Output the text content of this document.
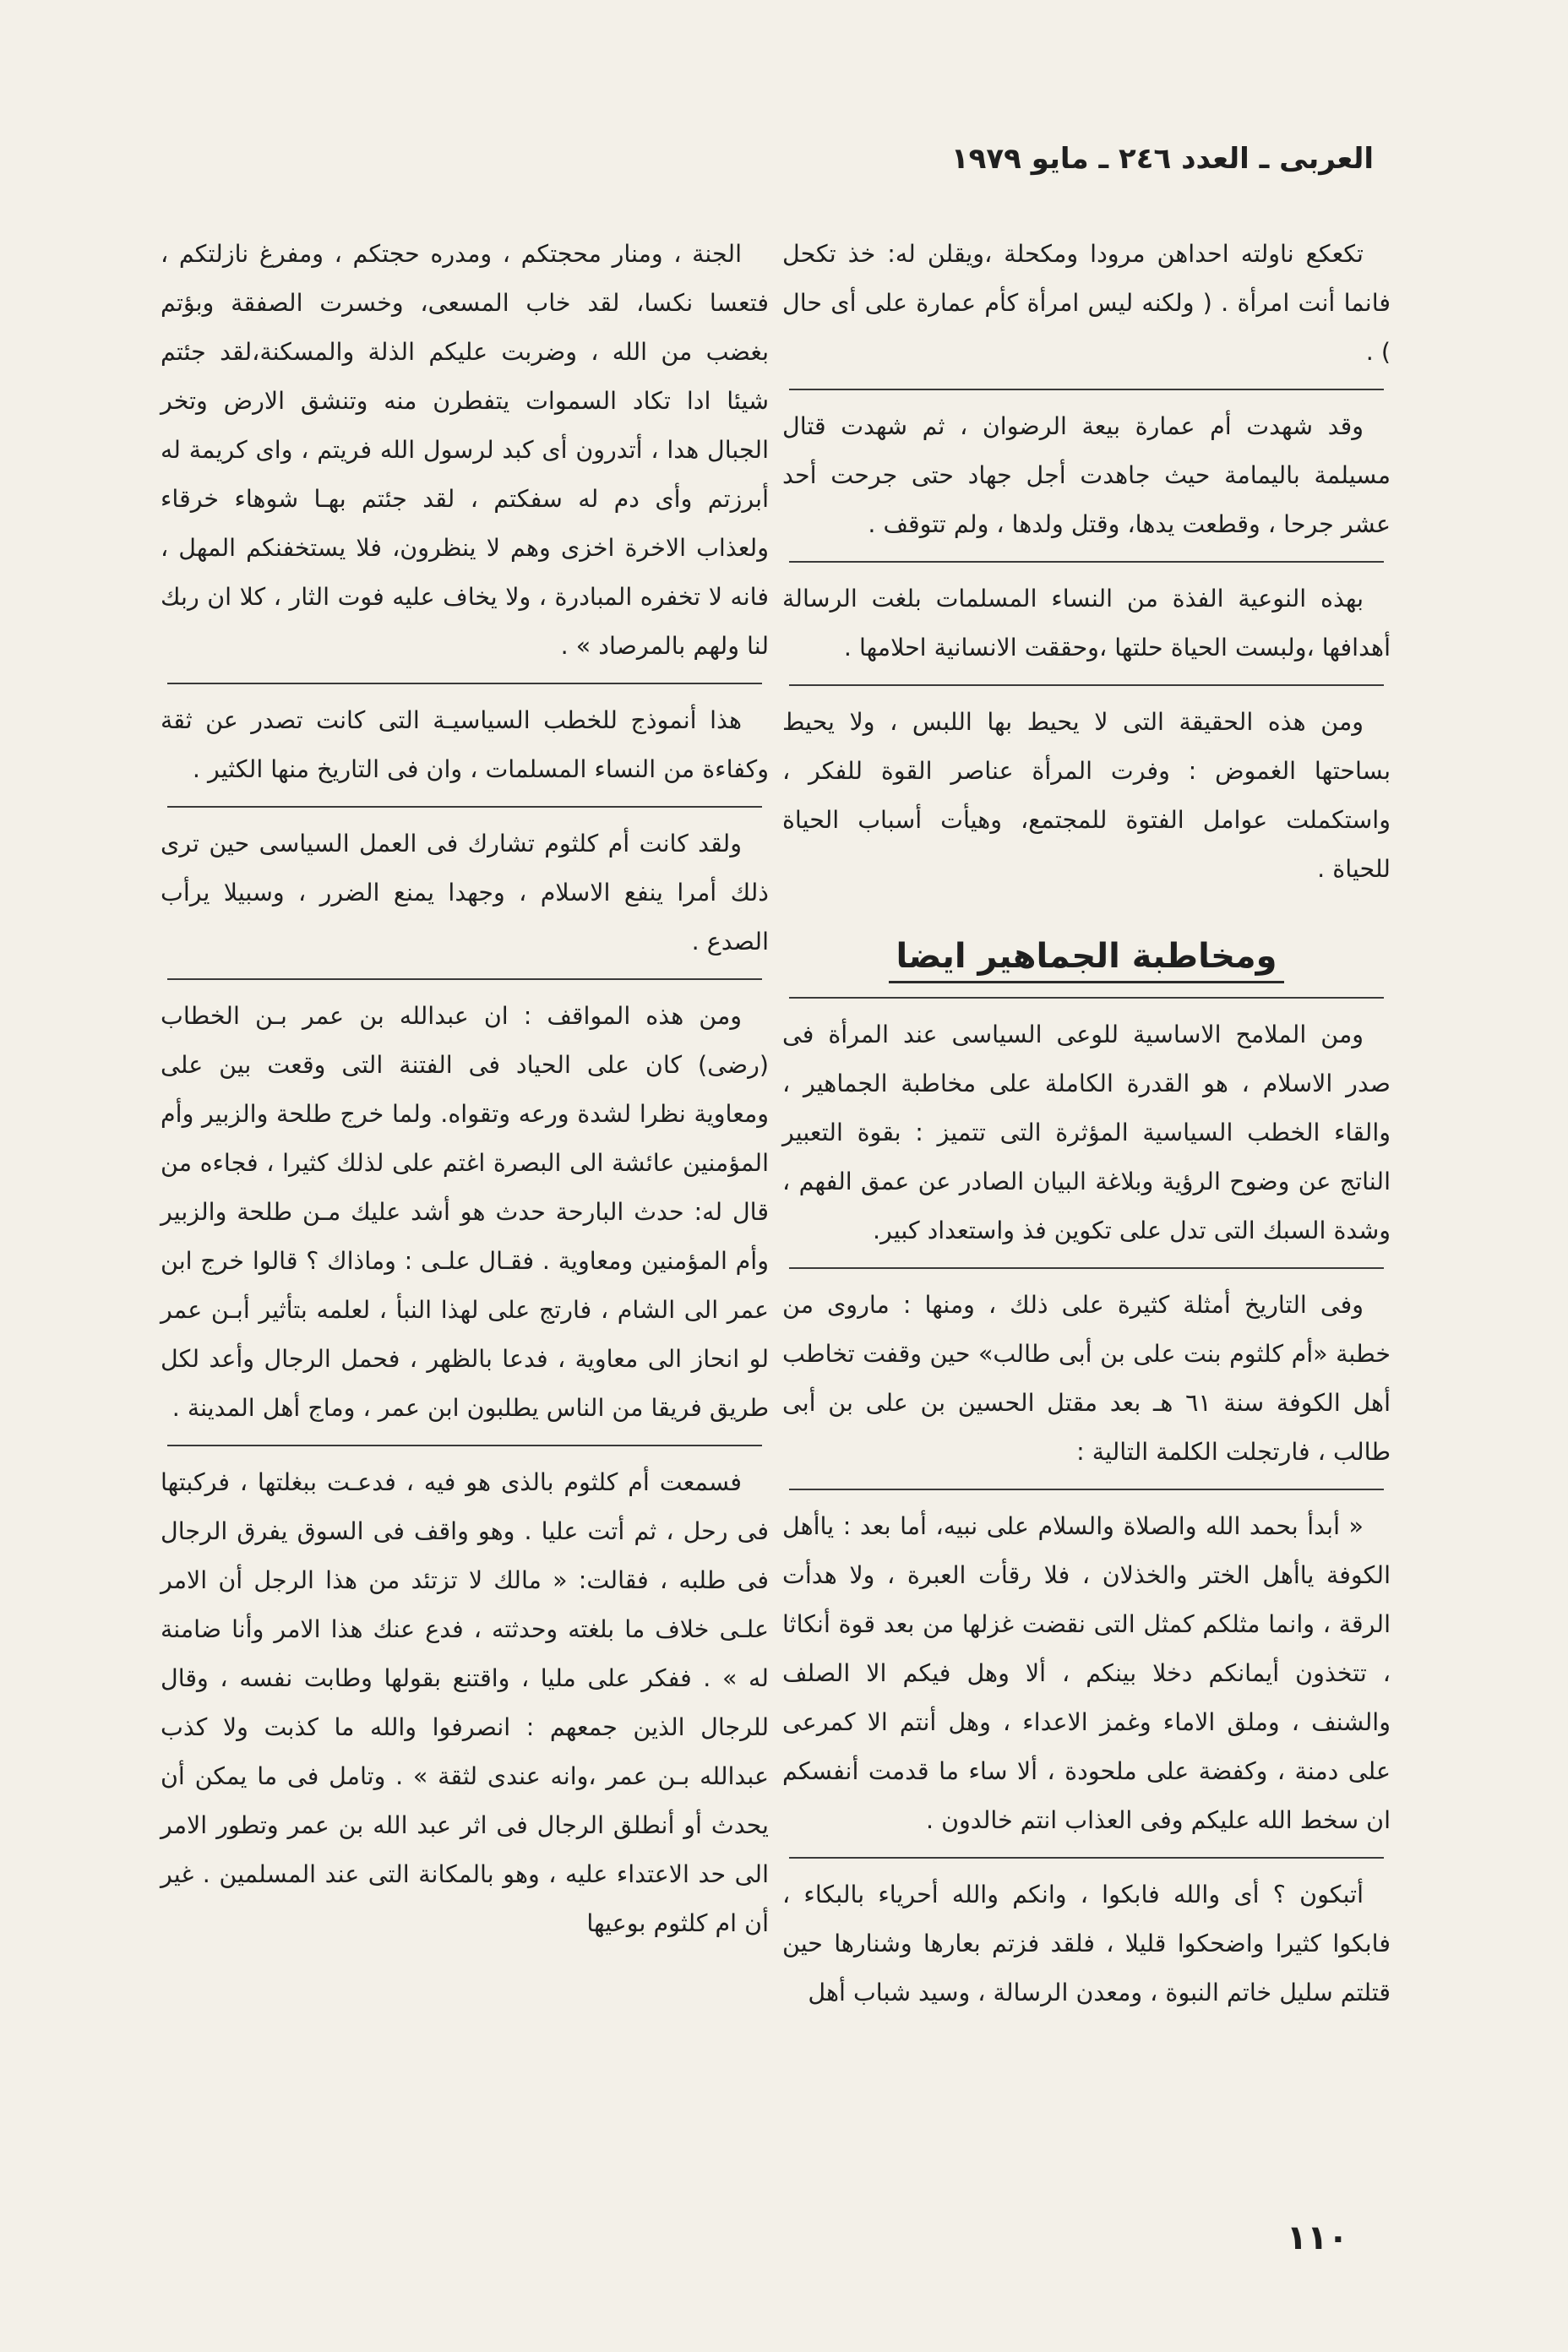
العربى ـ العدد ٢٤٦ ـ مايو ١٩٧٩

تكعكع ناولته احداهن مرودا ومكحلة ،ويقلن له: خذ تكحل فانما أنت امرأة . ( ولكنه ليس امرأة كأم عمارة على أى حال ) .

وقد شهدت أم عمارة بيعة الرضوان ، ثم شهدت قتال مسيلمة باليمامة حيث جاهدت أجل جهاد حتى جرحت أحد عشر جرحا ، وقطعت يدها، وقتل ولدها ، ولم تتوقف .

بهذه النوعية الفذة من النساء المسلمات بلغت الرسالة أهدافها ،ولبست الحياة حلتها ،وحققت الانسانية احلامها .

ومن هذه الحقيقة التى لا يحيط بها اللبس ، ولا يحيط بساحتها الغموض : وفرت المرأة عناصر القوة للفكر ، واستكملت عوامل الفتوة للمجتمع، وهيأت أسباب الحياة للحياة .

ومخاطبة الجماهير ايضا

ومن الملامح الاساسية للوعى السياسى عند المرأة فى صدر الاسلام ، هو القدرة الكاملة على مخاطبة الجماهير ، والقاء الخطب السياسية المؤثرة التى تتميز : بقوة التعبير الناتج عن وضوح الرؤية وبلاغة البيان الصادر عن عمق الفهم ، وشدة السبك التى تدل على تكوين فذ واستعداد كبير.

وفى التاريخ أمثلة كثيرة على ذلك ، ومنها : ماروى من خطبة «أم كلثوم بنت على بن أبى طالب» حين وقفت تخاطب أهل الكوفة سنة ٦١ هـ بعد مقتل الحسين بن على بن أبى طالب ، فارتجلت الكلمة التالية :

« أبدأ بحمد الله والصلاة والسلام على نبيه، أما بعد : ياأهل الكوفة ياأهل الختر والخذلان ، فلا رقأت العبرة ، ولا هدأت الرقة ، وانما مثلكم كمثل التى نقضت غزلها من بعد قوة أنكاثا ، تتخذون أيمانكم دخلا بينكم ، ألا وهل فيكم الا الصلف والشنف ، وملق الاماء وغمز الاعداء ، وهل أنتم الا كمرعى على دمنة ، وكفضة على ملحودة ، ألا ساء ما قدمت أنفسكم ان سخط الله عليكم وفى العذاب انتم خالدون .

أتبكون ؟ أى والله فابكوا ، وانكم والله أحرياء بالبكاء ، فابكوا كثيرا واضحكوا قليلا ، فلقد فزتم بعارها وشنارها حين قتلتم سليل خاتم النبوة ، ومعدن الرسالة ، وسيد شباب أهل

الجنة ، ومنار محجتكم ، ومدره حجتكم ، ومفرغ نازلتكم ، فتعسا نكسا، لقد خاب المسعى، وخسرت الصفقة وبؤتم بغضب من الله ، وضربت عليكم الذلة والمسكنة،لقد جئتم شيئا ادا تكاد السموات يتفطرن منه وتنشق الارض وتخر الجبال هدا ، أتدرون أى كبد لرسول الله فريتم ، واى كريمة له أبرزتم وأى دم له سفكتم ، لقد جئتم بهـا شوهاء خرقاء ولعذاب الاخرة اخزى وهم لا ينظرون، فلا يستخفنكم المهل ، فانه لا تخفره المبادرة ، ولا يخاف عليه فوت الثار ، كلا ان ربك لنا ولهم بالمرصاد » .

هذا أنموذج للخطب السياسيـة التى كانت تصدر عن ثقة وكفاءة من النساء المسلمات ، وان فى التاريخ منها الكثير .

ولقد كانت أم كلثوم تشارك فى العمل السياسى حين ترى ذلك أمرا ينفع الاسلام ، وجهدا يمنع الضرر ، وسبيلا يرأب الصدع .

ومن هذه المواقف : ان عبدالله بن عمر بـن الخطاب (رضى) كان على الحياد فى الفتنة التى وقعت بين على ومعاوية نظرا لشدة ورعه وتقواه. ولما خرج طلحة والزبير وأم المؤمنين عائشة الى البصرة اغتم على لذلك كثيرا ، فجاءه من قال له: حدث البارحة حدث هو أشد عليك مـن طلحة والزبير وأم المؤمنين ومعاوية . فقـال علـى : وماذاك ؟ قالوا خرج ابن عمر الى الشام ، فارتج على لهذا النبأ ، لعلمه بتأثير أبـن عمر لو انحاز الى معاوية ، فدعا بالظهر ، فحمل الرجال وأعد لكل طريق فريقا من الناس يطلبون ابن عمر ، وماج أهل المدينة .

فسمعت أم كلثوم بالذى هو فيه ، فدعـت ببغلتها ، فركبتها فى رحل ، ثم أتت عليا . وهو واقف فى السوق يفرق الرجال فى طلبه ، فقالت: « مالك لا تزتئد من هذا الرجل أن الامر علـى خلاف ما بلغته وحدثته ، فدع عنك هذا الامر وأنا ضامنة له » . ففكر على مليا ، واقتنع بقولها وطابت نفسه ، وقال للرجال الذين جمعهم : انصرفوا والله ما كذبت ولا كذب عبدالله بـن عمر ،وانه عندى لثقة » . وتامل فى ما يمكن أن يحدث أو أنطلق الرجال فى اثر عبد الله بن عمر وتطور الامر الى حد الاعتداء عليه ، وهو بالمكانة التى عند المسلمين . غير أن ام كلثوم بوعيها

١١٠
